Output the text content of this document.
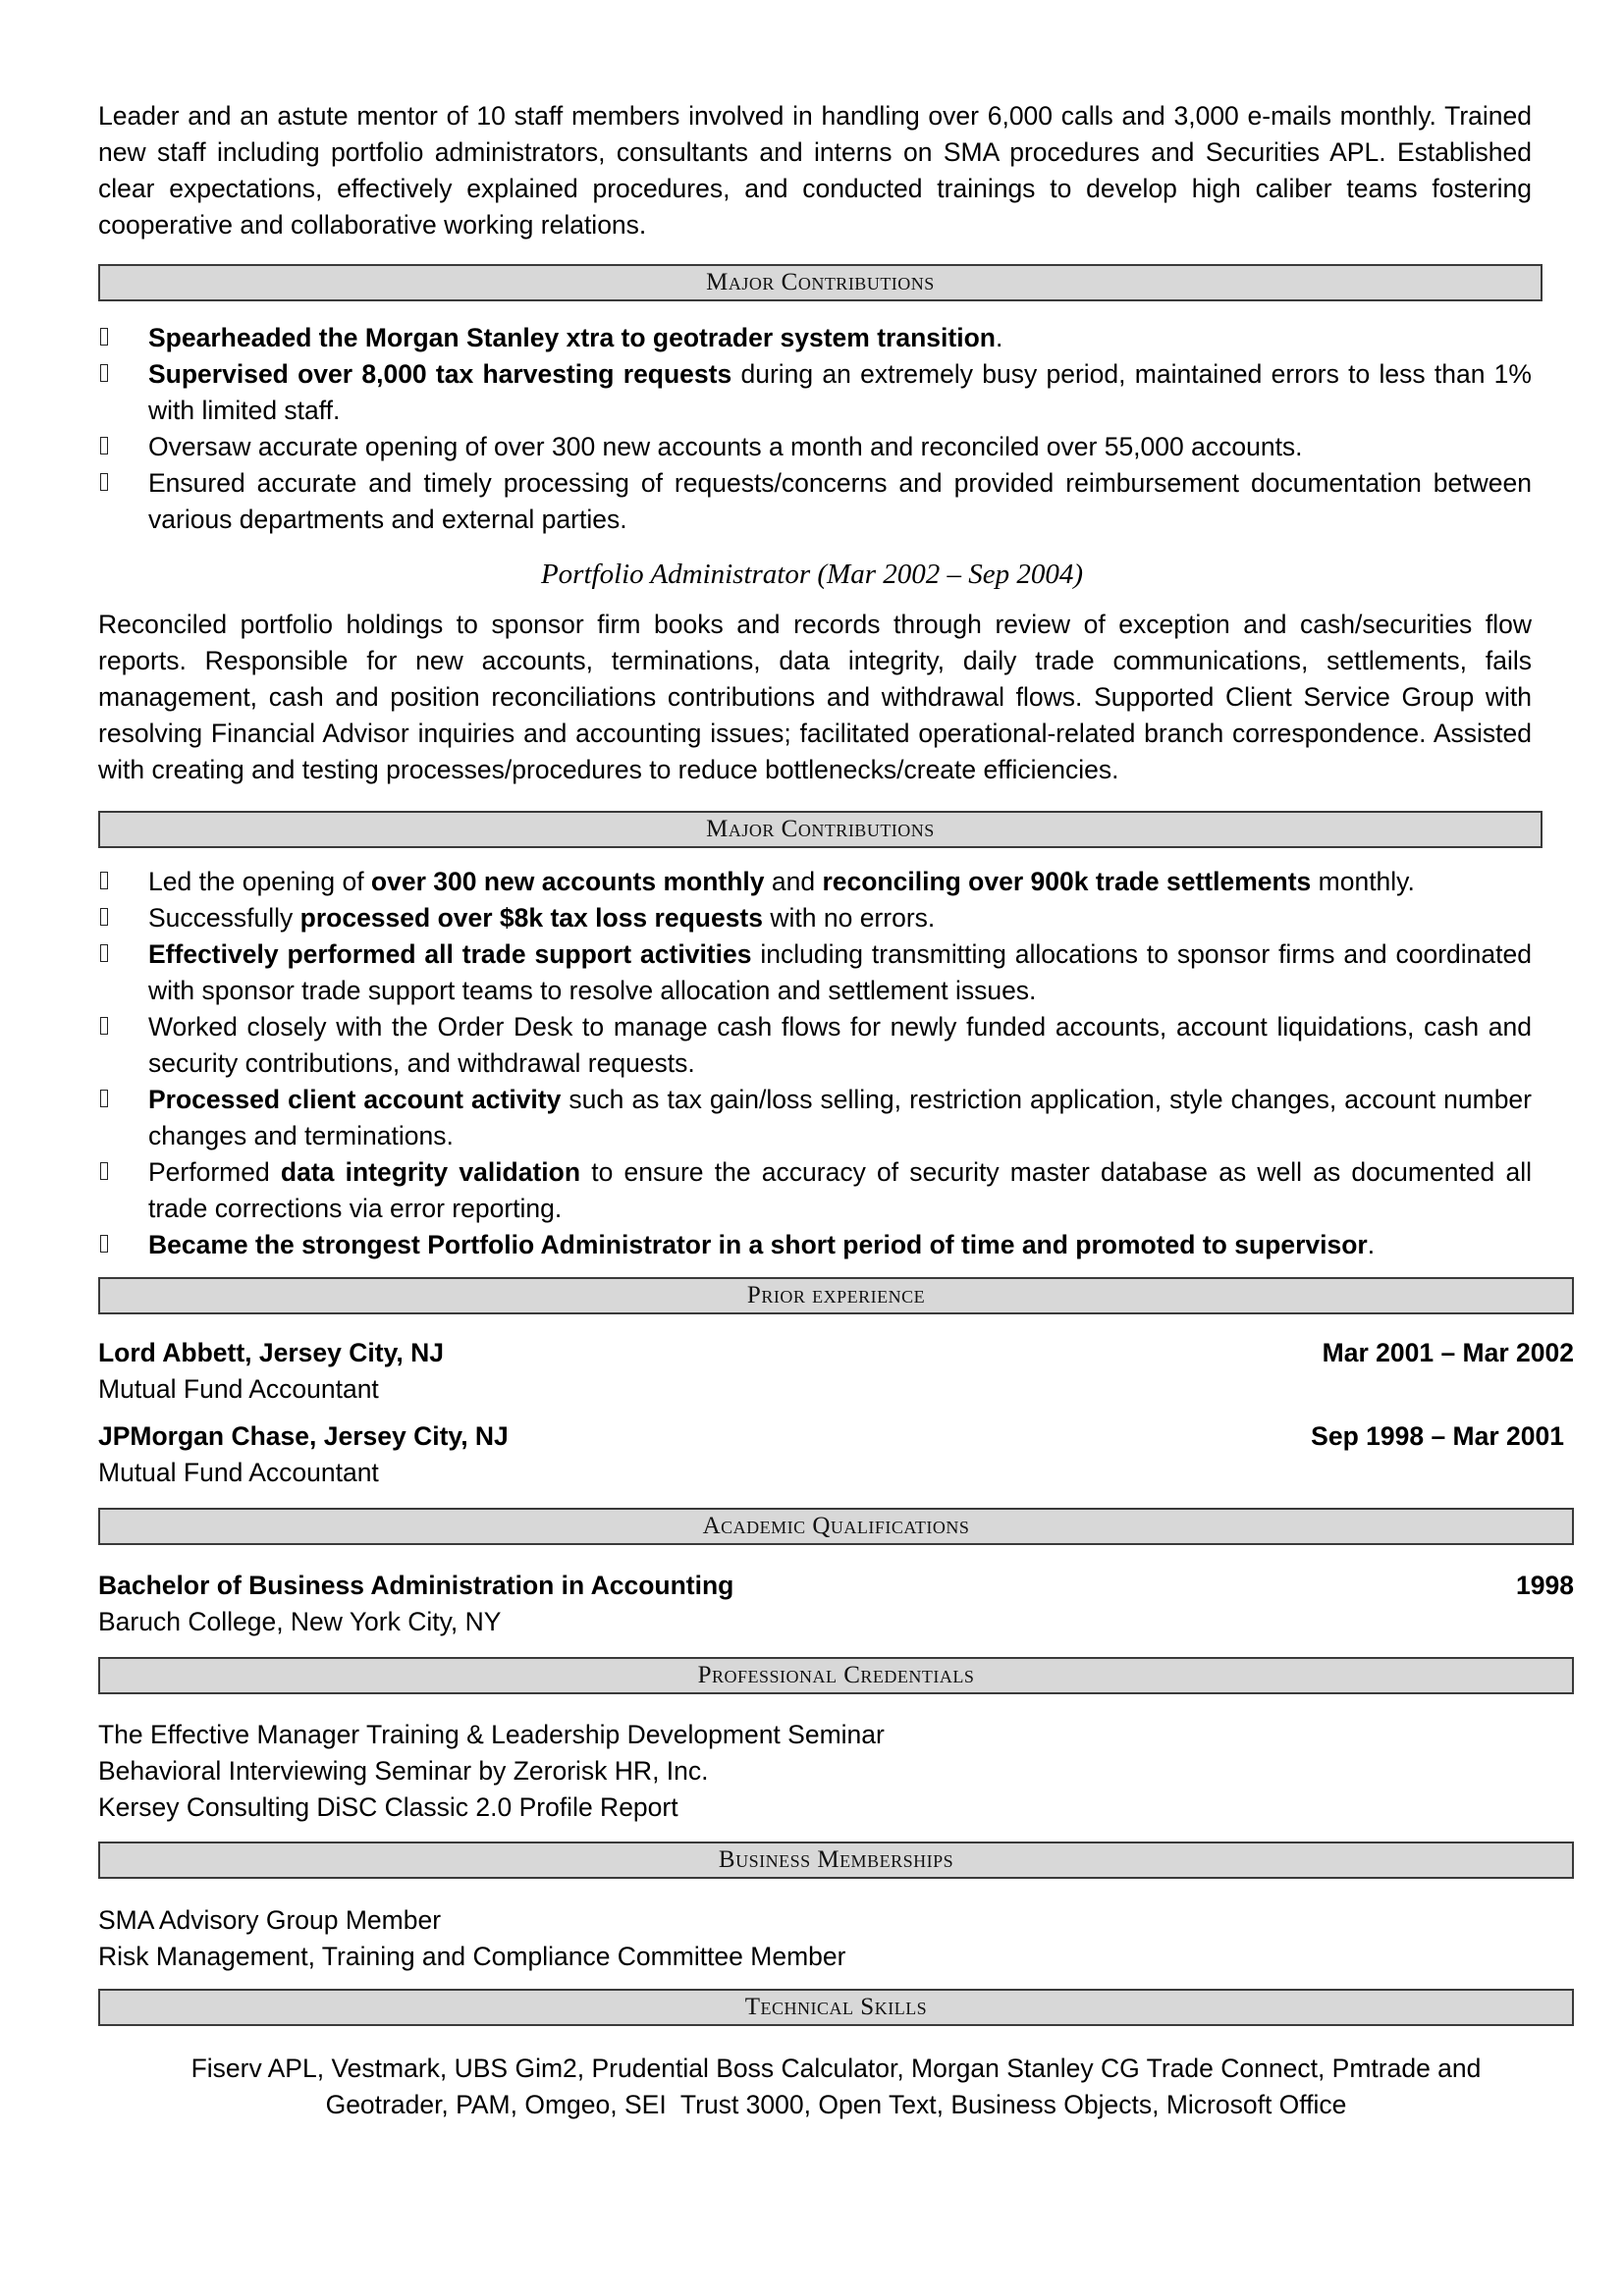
Leader and an astute mentor of 10 staff members involved in handling over 6,000 calls and 3,000 e-mails monthly. Trained new staff including portfolio administrators, consultants and interns on SMA procedures and Securities APL. Established clear expectations, effectively explained procedures, and conducted trainings to develop high caliber teams fostering cooperative and collaborative working relations.
Major Contributions
Spearheaded the Morgan Stanley xtra to geotrader system transition.
Supervised over 8,000 tax harvesting requests during an extremely busy period, maintained errors to less than 1% with limited staff.
Oversaw accurate opening of over 300 new accounts a month and reconciled over 55,000 accounts.
Ensured accurate and timely processing of requests/concerns and provided reimbursement documentation between various departments and external parties.
Portfolio Administrator (Mar 2002 – Sep 2004)
Reconciled portfolio holdings to sponsor firm books and records through review of exception and cash/securities flow reports. Responsible for new accounts, terminations, data integrity, daily trade communications, settlements, fails management, cash and position reconciliations contributions and withdrawal flows. Supported Client Service Group with resolving Financial Advisor inquiries and accounting issues; facilitated operational-related branch correspondence. Assisted with creating and testing processes/procedures to reduce bottlenecks/create efficiencies.
Major Contributions
Led the opening of over 300 new accounts monthly and reconciling over 900k trade settlements monthly.
Successfully processed over $8k tax loss requests with no errors.
Effectively performed all trade support activities including transmitting allocations to sponsor firms and coordinated with sponsor trade support teams to resolve allocation and settlement issues.
Worked closely with the Order Desk to manage cash flows for newly funded accounts, account liquidations, cash and security contributions, and withdrawal requests.
Processed client account activity such as tax gain/loss selling, restriction application, style changes, account number changes and terminations.
Performed data integrity validation to ensure the accuracy of security master database as well as documented all trade corrections via error reporting.
Became the strongest Portfolio Administrator in a short period of time and promoted to supervisor.
Prior experience
Lord Abbett, Jersey City, NJ	Mar 2001 – Mar 2002
Mutual Fund Accountant
JPMorgan Chase, Jersey City, NJ	Sep 1998 – Mar 2001
Mutual Fund Accountant
Academic Qualifications
Bachelor of Business Administration in Accounting	1998
Baruch College, New York City, NY
Professional Credentials
The Effective Manager Training & Leadership Development Seminar
Behavioral Interviewing Seminar by Zerorisk HR, Inc.
Kersey Consulting DiSC Classic 2.0 Profile Report
Business Memberships
SMA Advisory Group Member
Risk Management, Training and Compliance Committee Member
Technical Skills
Fiserv APL, Vestmark, UBS Gim2, Prudential Boss Calculator, Morgan Stanley CG Trade Connect, Pmtrade and
Geotrader, PAM, Omgeo, SEI  Trust 3000, Open Text, Business Objects, Microsoft Office
